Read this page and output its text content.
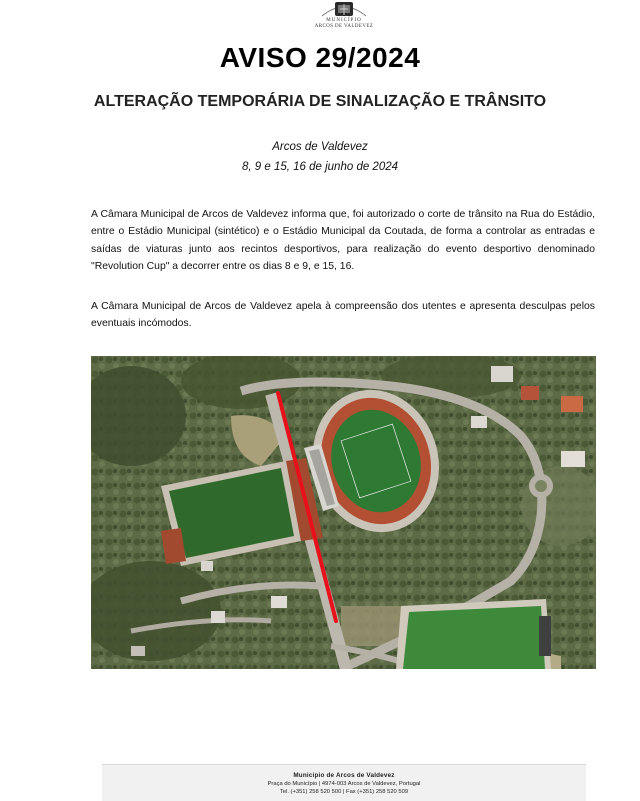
MUNICÍPIO
ARCOS DE VALDEVEZ
AVISO 29/2024
ALTERAÇÃO TEMPORÁRIA DE SINALIZAÇÃO E TRÂNSITO
Arcos de Valdevez
8, 9 e 15, 16 de junho de 2024
A Câmara Municipal de Arcos de Valdevez informa que, foi autorizado o corte de trânsito na Rua do Estádio, entre o Estádio Municipal (sintético) e o Estádio Municipal da Coutada, de forma a controlar as entradas e saídas de viaturas junto aos recintos desportivos, para realização do evento desportivo denominado "Revolution Cup" a decorrer entre os dias 8 e 9, e 15, 16.
A Câmara Municipal de Arcos de Valdevez apela à compreensão dos utentes e apresenta desculpas pelos eventuais incómodos.
Município de Arcos de Valdevez
Praça do Município | 4974-003 Arcos de Valdevez, Portugal
Tel. (+351) 258 520 500 | Fax (+351) 258 520 509
